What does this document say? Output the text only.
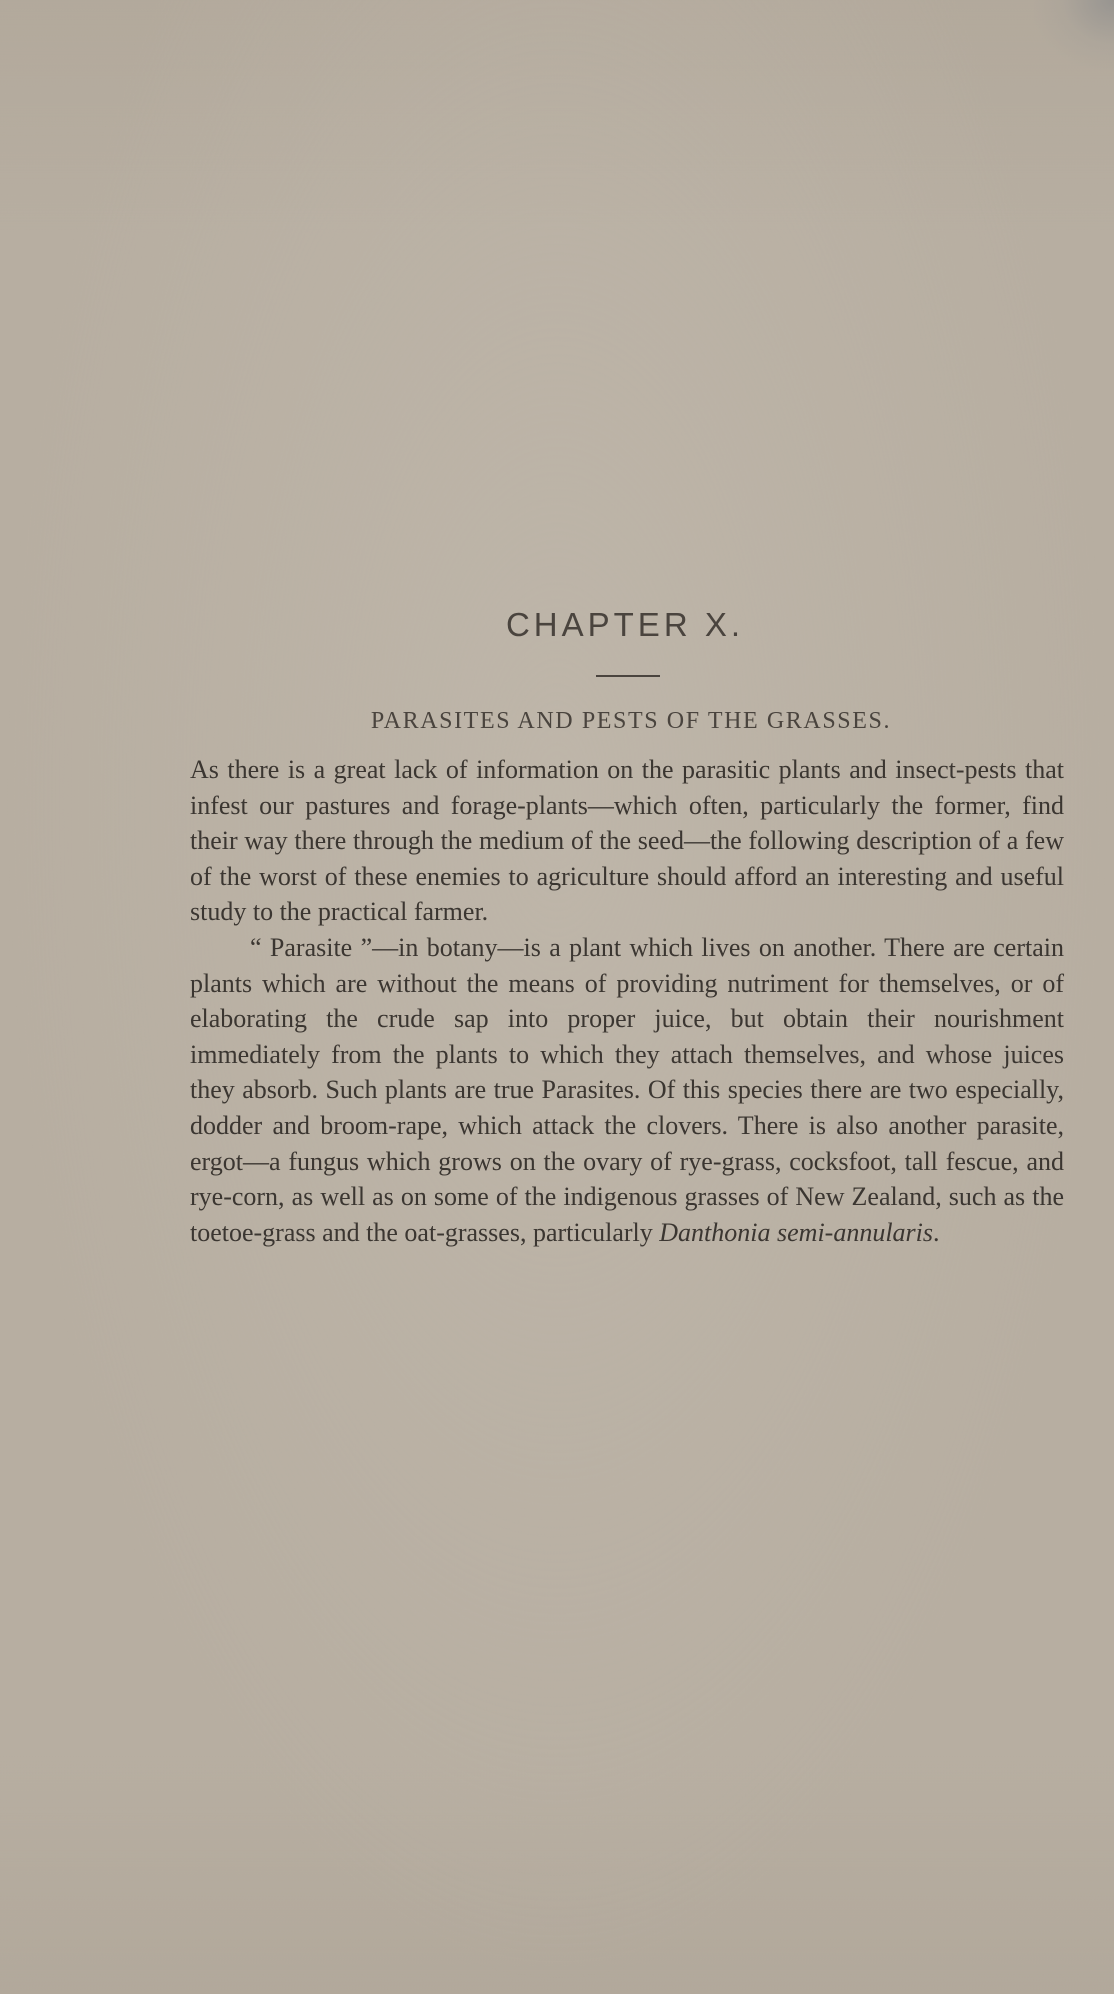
CHAPTER X.
PARASITES AND PESTS OF THE GRASSES.

As there is a great lack of information on the parasitic plants and insect-pests that infest our pastures and forage-plants—which often, particularly the former, find their way there through the medium of the seed—the following description of a few of the worst of these enemies to agriculture should afford an interesting and useful study to the practical farmer.

“ Parasite ”—in botany—is a plant which lives on another. There are certain plants which are without the means of providing nutriment for themselves, or of elaborating the crude sap into proper juice, but obtain their nourishment immediately from the plants to which they attach themselves, and whose juices they absorb. Such plants are true Parasites. Of this species there are two especially, dodder and broom-rape, which attack the clovers. There is also another parasite, ergot—a fungus which grows on the ovary of rye-grass, cocksfoot, tall fescue, and rye-corn, as well as on some of the indigenous grasses of New Zealand, such as the toetoe-grass and the oat-grasses, particularly Danthonia semi-annularis.
